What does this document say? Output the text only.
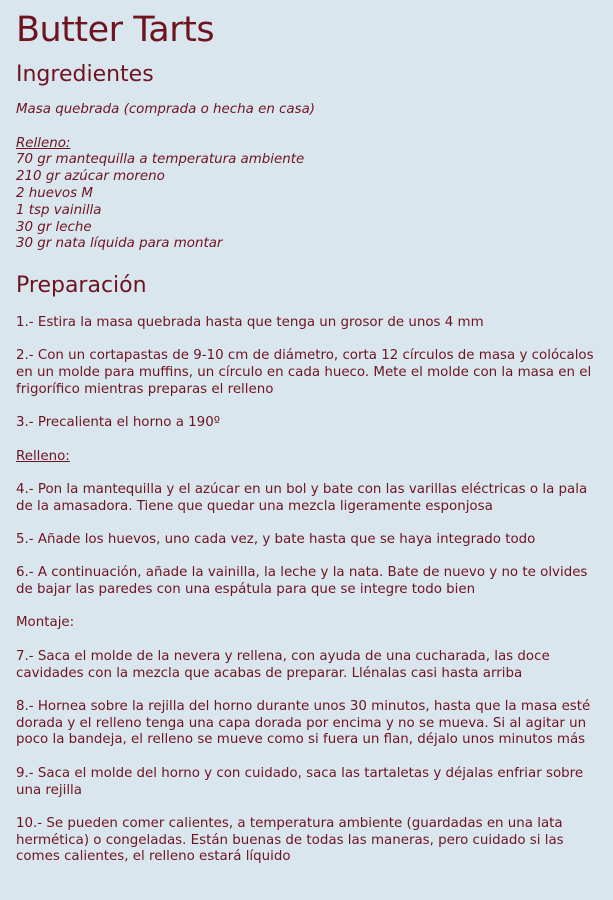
Butter Tarts
Ingredientes

Masa quebrada (comprada o hecha en casa)

Relleno:

70 gr mantequilla a temperatura ambiente

210 gr azúcar moreno

2 huevos M

1 tsp vainilla

30 gr leche

30 gr nata líquida para montar

Preparación

1.- Estira la masa quebrada hasta que tenga un grosor de unos 4 mm

2.- Con un cortapastas de 9-10 cm de diámetro, corta 12 círculos de masa y colócalos en un molde para muffins, un círculo en cada hueco. Mete el molde con la masa en el frigorífico mientras preparas el relleno

3.- Precalienta el horno a 190º

Relleno:

4.- Pon la mantequilla y el azúcar en un bol y bate con las varillas eléctricas o la pala de la amasadora. Tiene que quedar una mezcla ligeramente esponjosa

5.- Añade los huevos, uno cada vez, y bate hasta que se haya integrado todo

6.- A continuación, añade la vainilla, la leche y la nata. Bate de nuevo y no te olvides de bajar las paredes con una espátula para que se integre todo bien

Montaje:

7.- Saca el molde de la nevera y rellena, con ayuda de una cucharada, las doce cavidades con la mezcla que acabas de preparar. Llénalas casi hasta arriba

8.- Hornea sobre la rejilla del horno durante unos 30 minutos, hasta que la masa esté dorada y el relleno tenga una capa dorada por encima y no se mueva. Si al agitar un poco la bandeja, el relleno se mueve como si fuera un flan, déjalo unos minutos más

9.- Saca el molde del horno y con cuidado, saca las tartaletas y déjalas enfriar sobre una rejilla

10.- Se pueden comer calientes, a temperatura ambiente (guardadas en una lata hermética) o congeladas. Están buenas de todas las maneras, pero cuidado si las comes calientes, el relleno estará líquido
